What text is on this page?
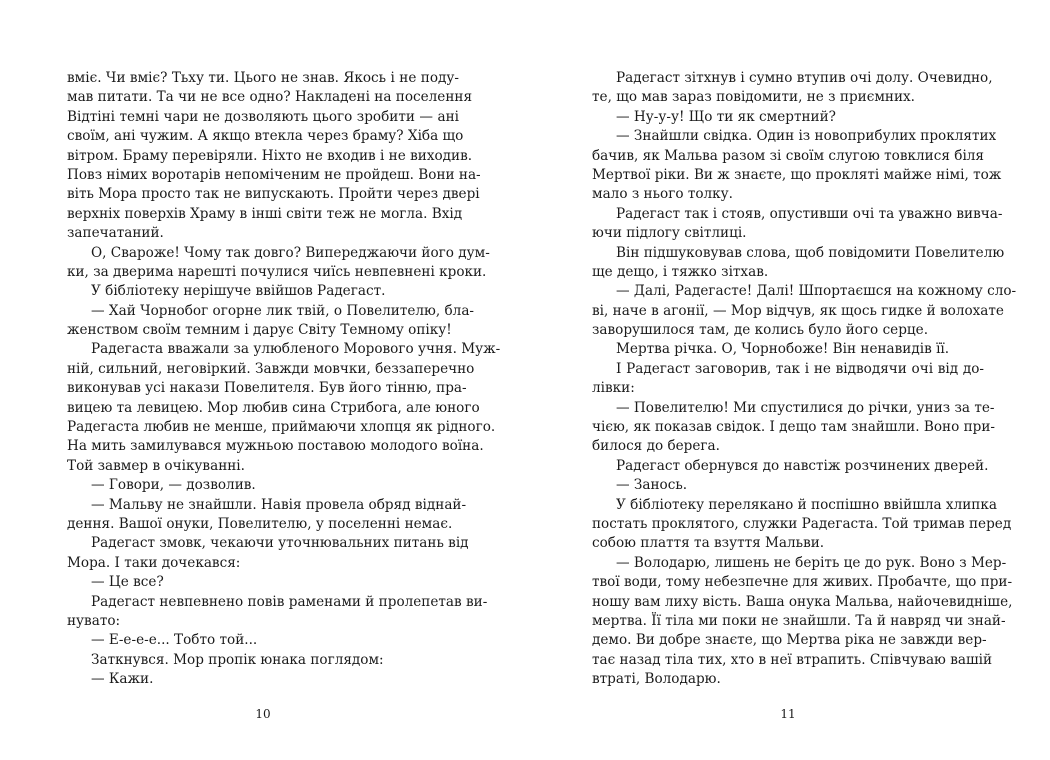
вміє. Чи вміє? Тьху ти. Цього не знав. Якось і не поду-
мав питати. Та чи не все одно? Накладені на поселення
Відтіні темні чари не дозволяють цього зробити — ані
своїм, ані чужим. А якщо втекла через браму? Хіба що
вітром. Браму перевіряли. Ніхто не входив і не виходив.
Повз німих воротарів непоміченим не пройдеш. Вони на-
віть Мора просто так не випускають. Пройти через двері
верхніх поверхів Храму в інші світи теж не могла. Вхід
запечатаний.
О, Свароже! Чому так довго? Випереджаючи його дум-
ки, за дверима нарешті почулися чиїсь невпевнені кроки.
У бібліотеку нерішуче ввійшов Радегаст.
— Хай Чорнобог огорне лик твій, о Повелителю, бла-
женством своїм темним і дарує Світу Темному опіку!
Радегаста вважали за улюбленого Морового учня. Муж-
ній, сильний, неговіркий. Завжди мовчки, беззаперечно
виконував усі накази Повелителя. Був його тінню, пра-
вицею та левицею. Мор любив сина Стрибога, але юного
Радегаста любив не менше, приймаючи хлопця як рідного.
На мить замилувався мужньою поставою молодого воїна.
Той завмер в очікуванні.
— Говори, — дозволив.
— Мальву не знайшли. Навія провела обряд віднай-
дення. Вашої онуки, Повелителю, у поселенні немає.
Радегаст змовк, чекаючи уточнювальних питань від
Мора. І таки дочекався:
— Це все?
Радегаст невпевнено повів раменами й пролепетав ви-
нувато:
— Е-е-е-е... Тобто той...
Заткнувся. Мор пропік юнака поглядом:
— Кажи.
Радегаст зітхнув і сумно втупив очі долу. Очевидно,
те, що мав зараз повідомити, не з приємних.
— Ну-у-у! Що ти як смертний?
— Знайшли свідка. Один із новоприбулих проклятих
бачив, як Мальва разом зі своїм слугою товклися біля
Мертвої ріки. Ви ж знаєте, що прокляті майже німі, тож
мало з нього толку.
Радегаст так і стояв, опустивши очі та уважно вивча-
ючи підлогу світлиці.
Він підшуковував слова, щоб повідомити Повелителю
ще дещо, і тяжко зітхав.
— Далі, Радегасте! Далі! Шпортаєшся на кожному сло-
ві, наче в агонії, — Мор відчув, як щось гидке й волохате
заворушилося там, де колись було його серце.
Мертва річка. О, Чорнобоже! Він ненавидів її.
І Радегаст заговорив, так і не відводячи очі від до-
лівки:
— Повелителю! Ми спустилися до річки, униз за те-
чією, як показав свідок. І дещо там знайшли. Воно при-
билося до берега.
Радегаст обернувся до навстіж розчинених дверей.
— Занось.
У бібліотеку перелякано й поспішно ввійшла хлипка
постать проклятого, служки Радегаста. Той тримав перед
собою плаття та взуття Мальви.
— Володарю, лишень не беріть це до рук. Воно з Мер-
твої води, тому небезпечне для живих. Пробачте, що при-
ношу вам лиху вість. Ваша онука Мальва, найочевидніше,
мертва. Її тіла ми поки не знайшли. Та й навряд чи знай-
демо. Ви добре знаєте, що Мертва ріка не завжди вер-
тає назад тіла тих, хто в неї втрапить. Співчуваю вашій
втраті, Володарю.
10	11
